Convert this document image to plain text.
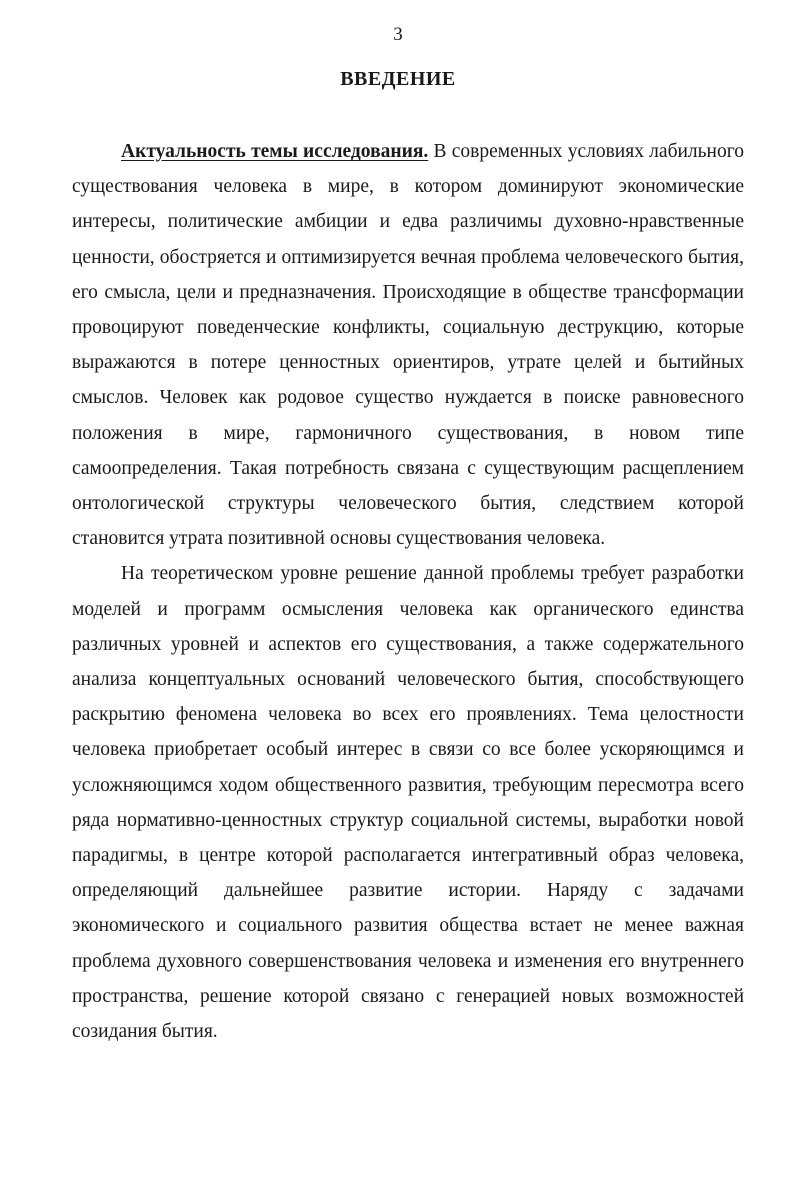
3
ВВЕДЕНИЕ

Актуальность темы исследования. В современных условиях лабильного существования человека в мире, в котором доминируют экономические интересы, политические амбиции и едва различимы духовно-нравственные ценности, обостряется и оптимизируется вечная проблема человеческого бытия, его смысла, цели и предназначения. Происходящие в обществе трансформации провоцируют поведенческие конфликты, социальную деструкцию, которые выражаются в потере ценностных ориентиров, утрате целей и бытийных смыслов. Человек как родовое существо нуждается в поиске равновесного положения в мире, гармоничного существования, в новом типе самоопределения. Такая потребность связана с существующим расщеплением онтологической структуры человеческого бытия, следствием которой становится утрата позитивной основы существования человека.

На теоретическом уровне решение данной проблемы требует разработки моделей и программ осмысления человека как органического единства различных уровней и аспектов его существования, а также содержательного анализа концептуальных оснований человеческого бытия, способствующего раскрытию феномена человека во всех его проявлениях. Тема целостности человека приобретает особый интерес в связи со все более ускоряющимся и усложняющимся ходом общественного развития, требующим пересмотра всего ряда нормативно-ценностных структур социальной системы, выработки новой парадигмы, в центре которой располагается интегративный образ человека, определяющий дальнейшее развитие истории. Наряду с задачами экономического и социального развития общества встает не менее важная проблема духовного совершенствования человека и изменения его внутреннего пространства, решение которой связано с генерацией новых возможностей созидания бытия.
